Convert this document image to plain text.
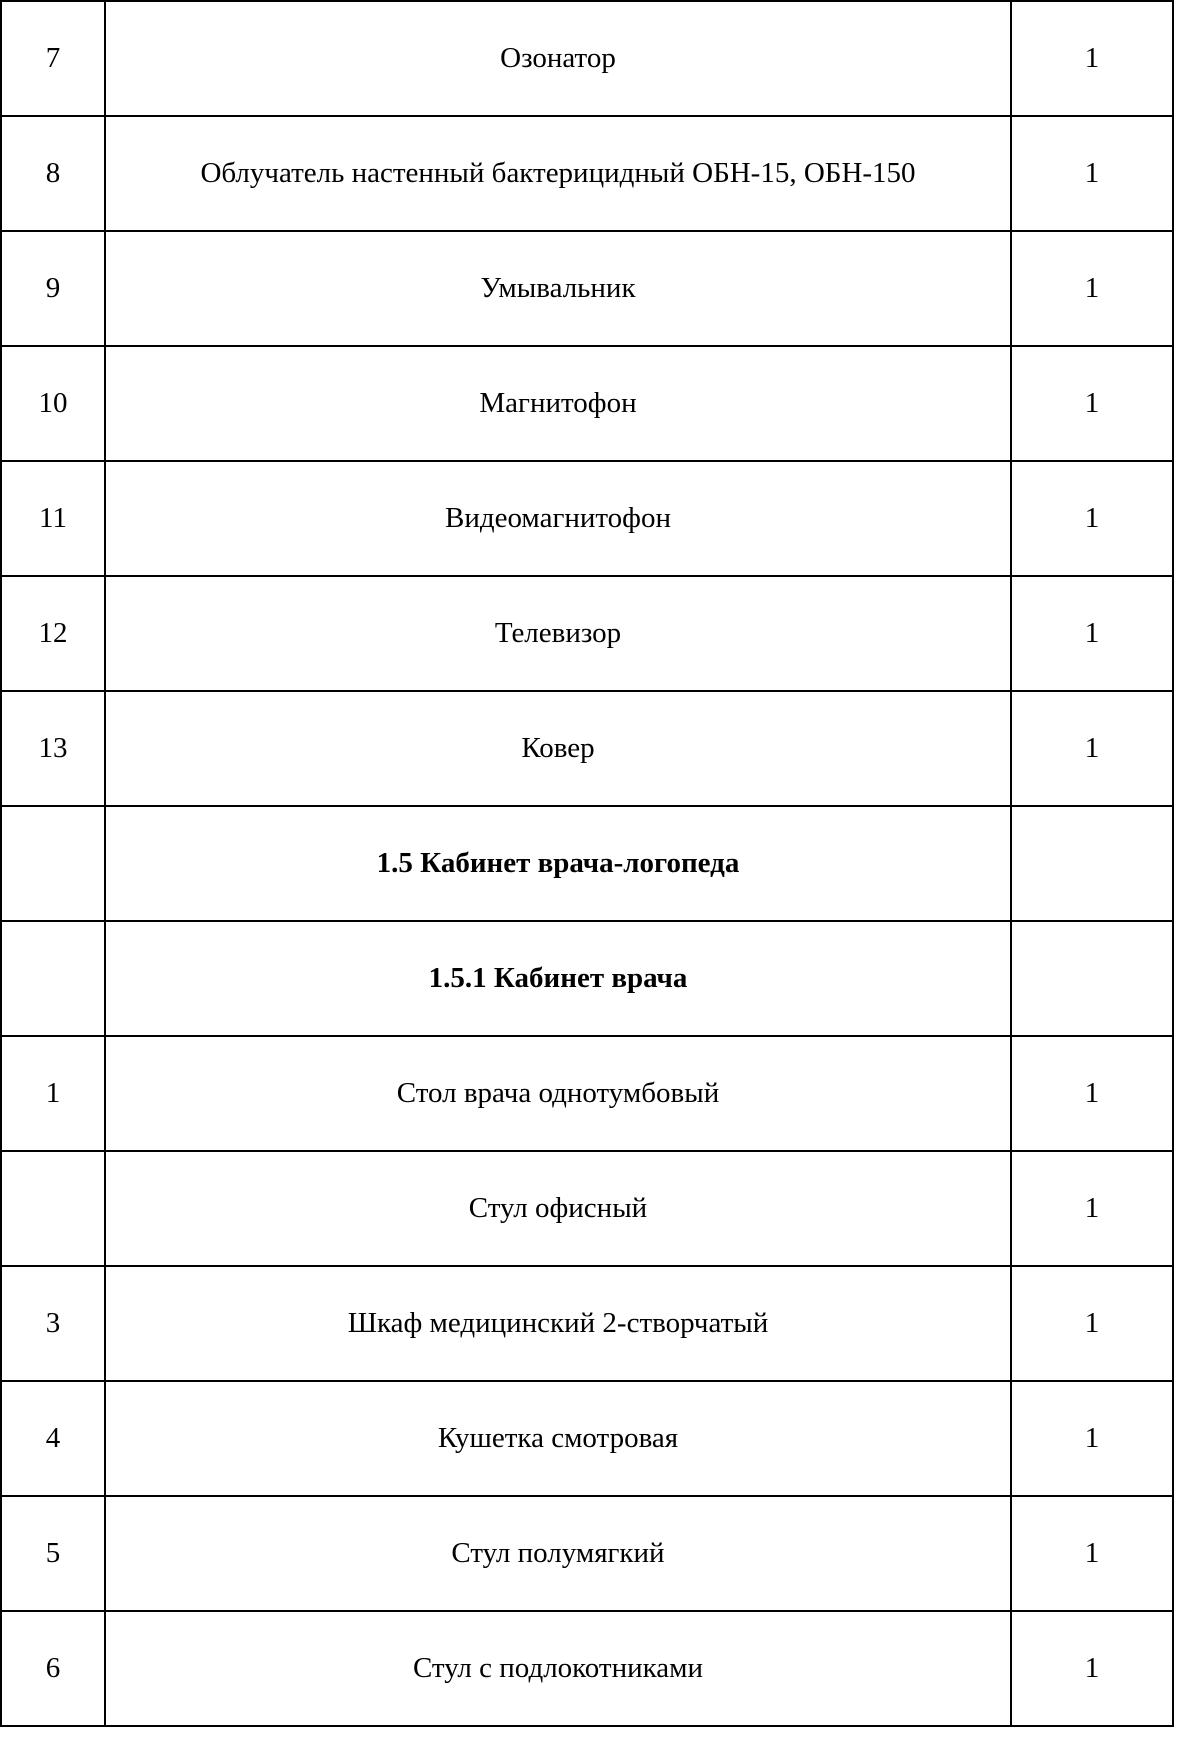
7	Озонатор	1
8	Облучатель настенный бактерицидный ОБН-15, ОБН-150	1
9	Умывальник	1
10	Магнитофон	1
11	Видеомагнитофон	1
12	Телевизор	1
13	Ковер	1
	1.5 Кабинет врача-логопеда	
	1.5.1 Кабинет врача	
1	Стол врача однотумбовый	1
	Стул офисный	1
3	Шкаф медицинский 2-створчатый	1
4	Кушетка смотровая	1
5	Стул полумягкий	1
6	Стул с подлокотниками	1
